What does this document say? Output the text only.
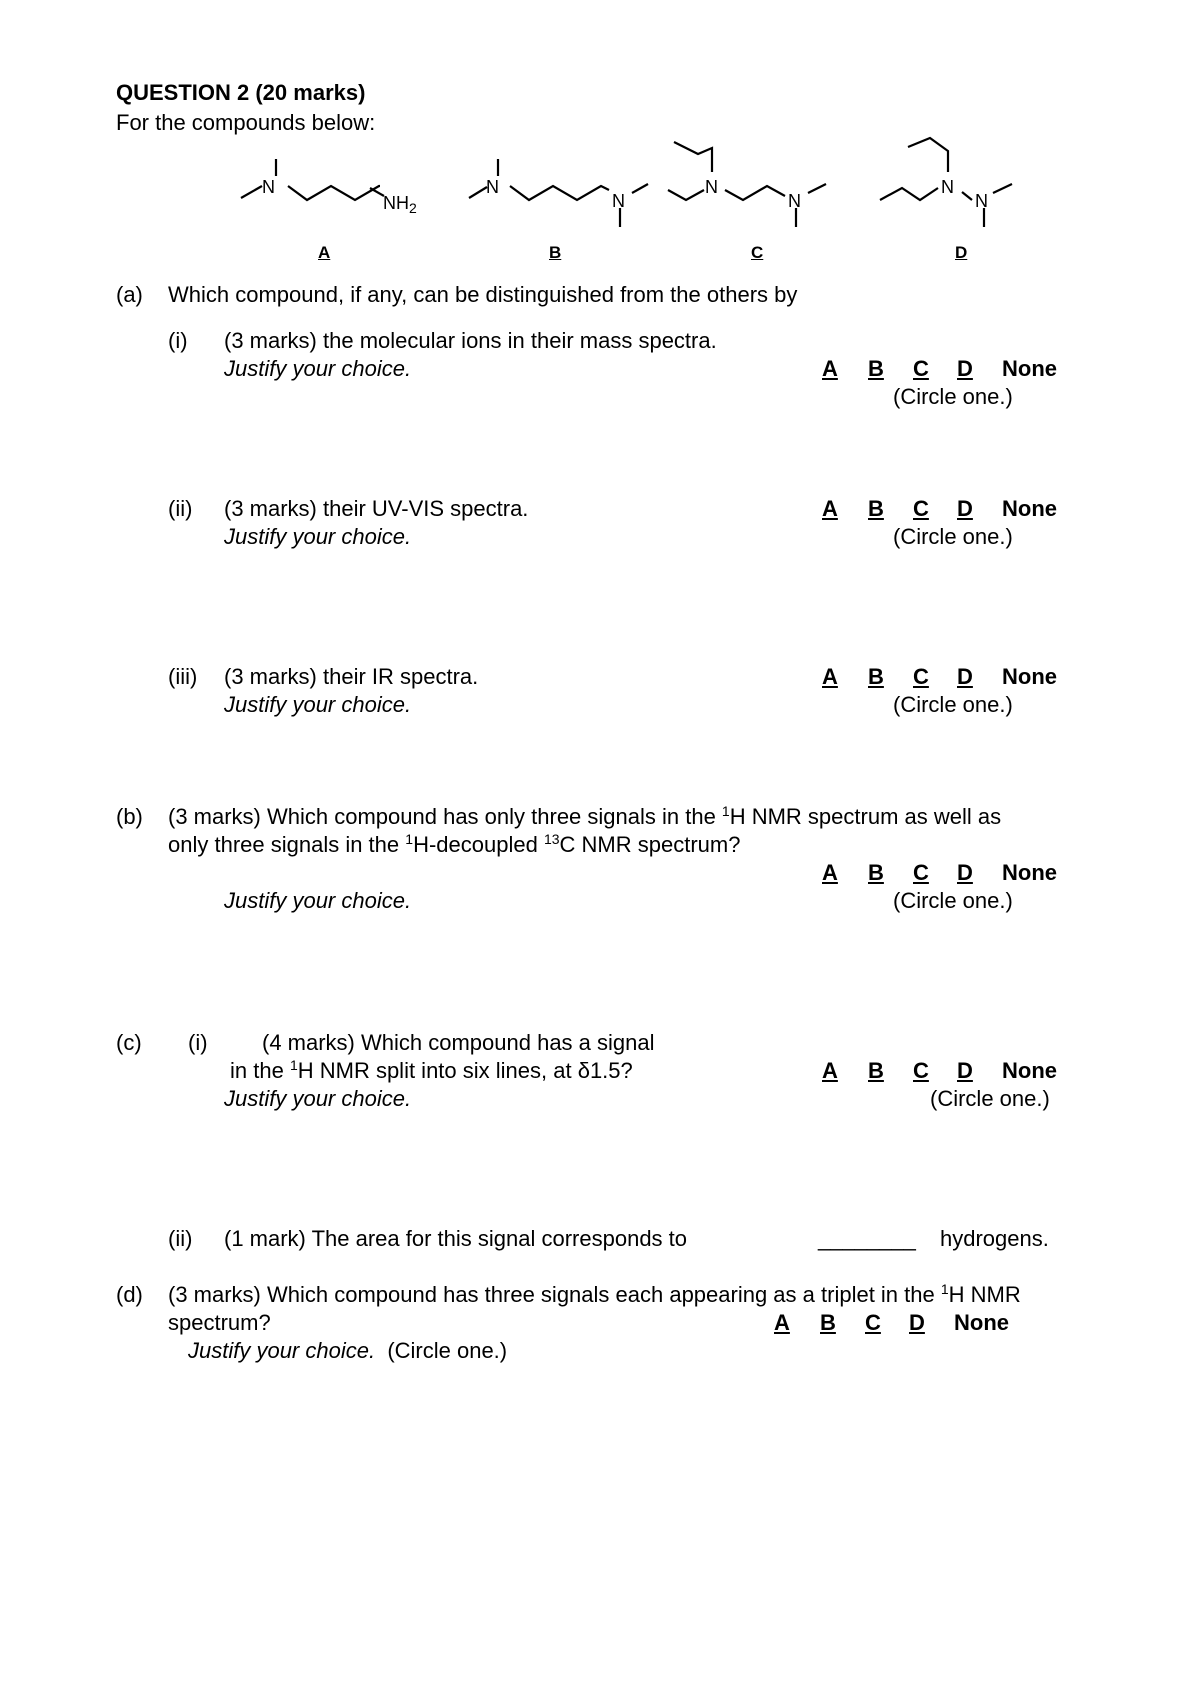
QUESTION 2 (20 marks)
For the compounds below:
N
$NH_2$
N
N
N
N
N
N
A	B	C	D
(a) Which compound, if any, can be distinguished from the others by
(i) (3 marks) the molecular ions in their mass spectra.
Justify your choice.	A B C D None
(Circle one.)
(ii) (3 marks) their UV-VIS spectra.
Justify your choice.
A B C D None
(Circle one.)
(iii) (3 marks) their IR spectra.
Justify your choice.
A B C D None
(Circle one.)
(b) (3 marks) Which compound has only three signals in the $^1$H NMR spectrum as well as
only three signals in the $^1$H-decoupled $^{13}$C NMR spectrum?
A B C D None
Justify your choice.	(Circle one.)
(c) (i) (4 marks) Which compound has a signal
in the $^1$H NMR split into six lines, at δ1.5?
Justify your choice.
A B C D None
(Circle one.)
(ii) (1 mark) The area for this signal corresponds to	________ hydrogens.
(d) (3 marks) Which compound has three signals each appearing as a triplet in the $^1$H NMR
spectrum?	A B C D None
Justify your choice. (Circle one.)
